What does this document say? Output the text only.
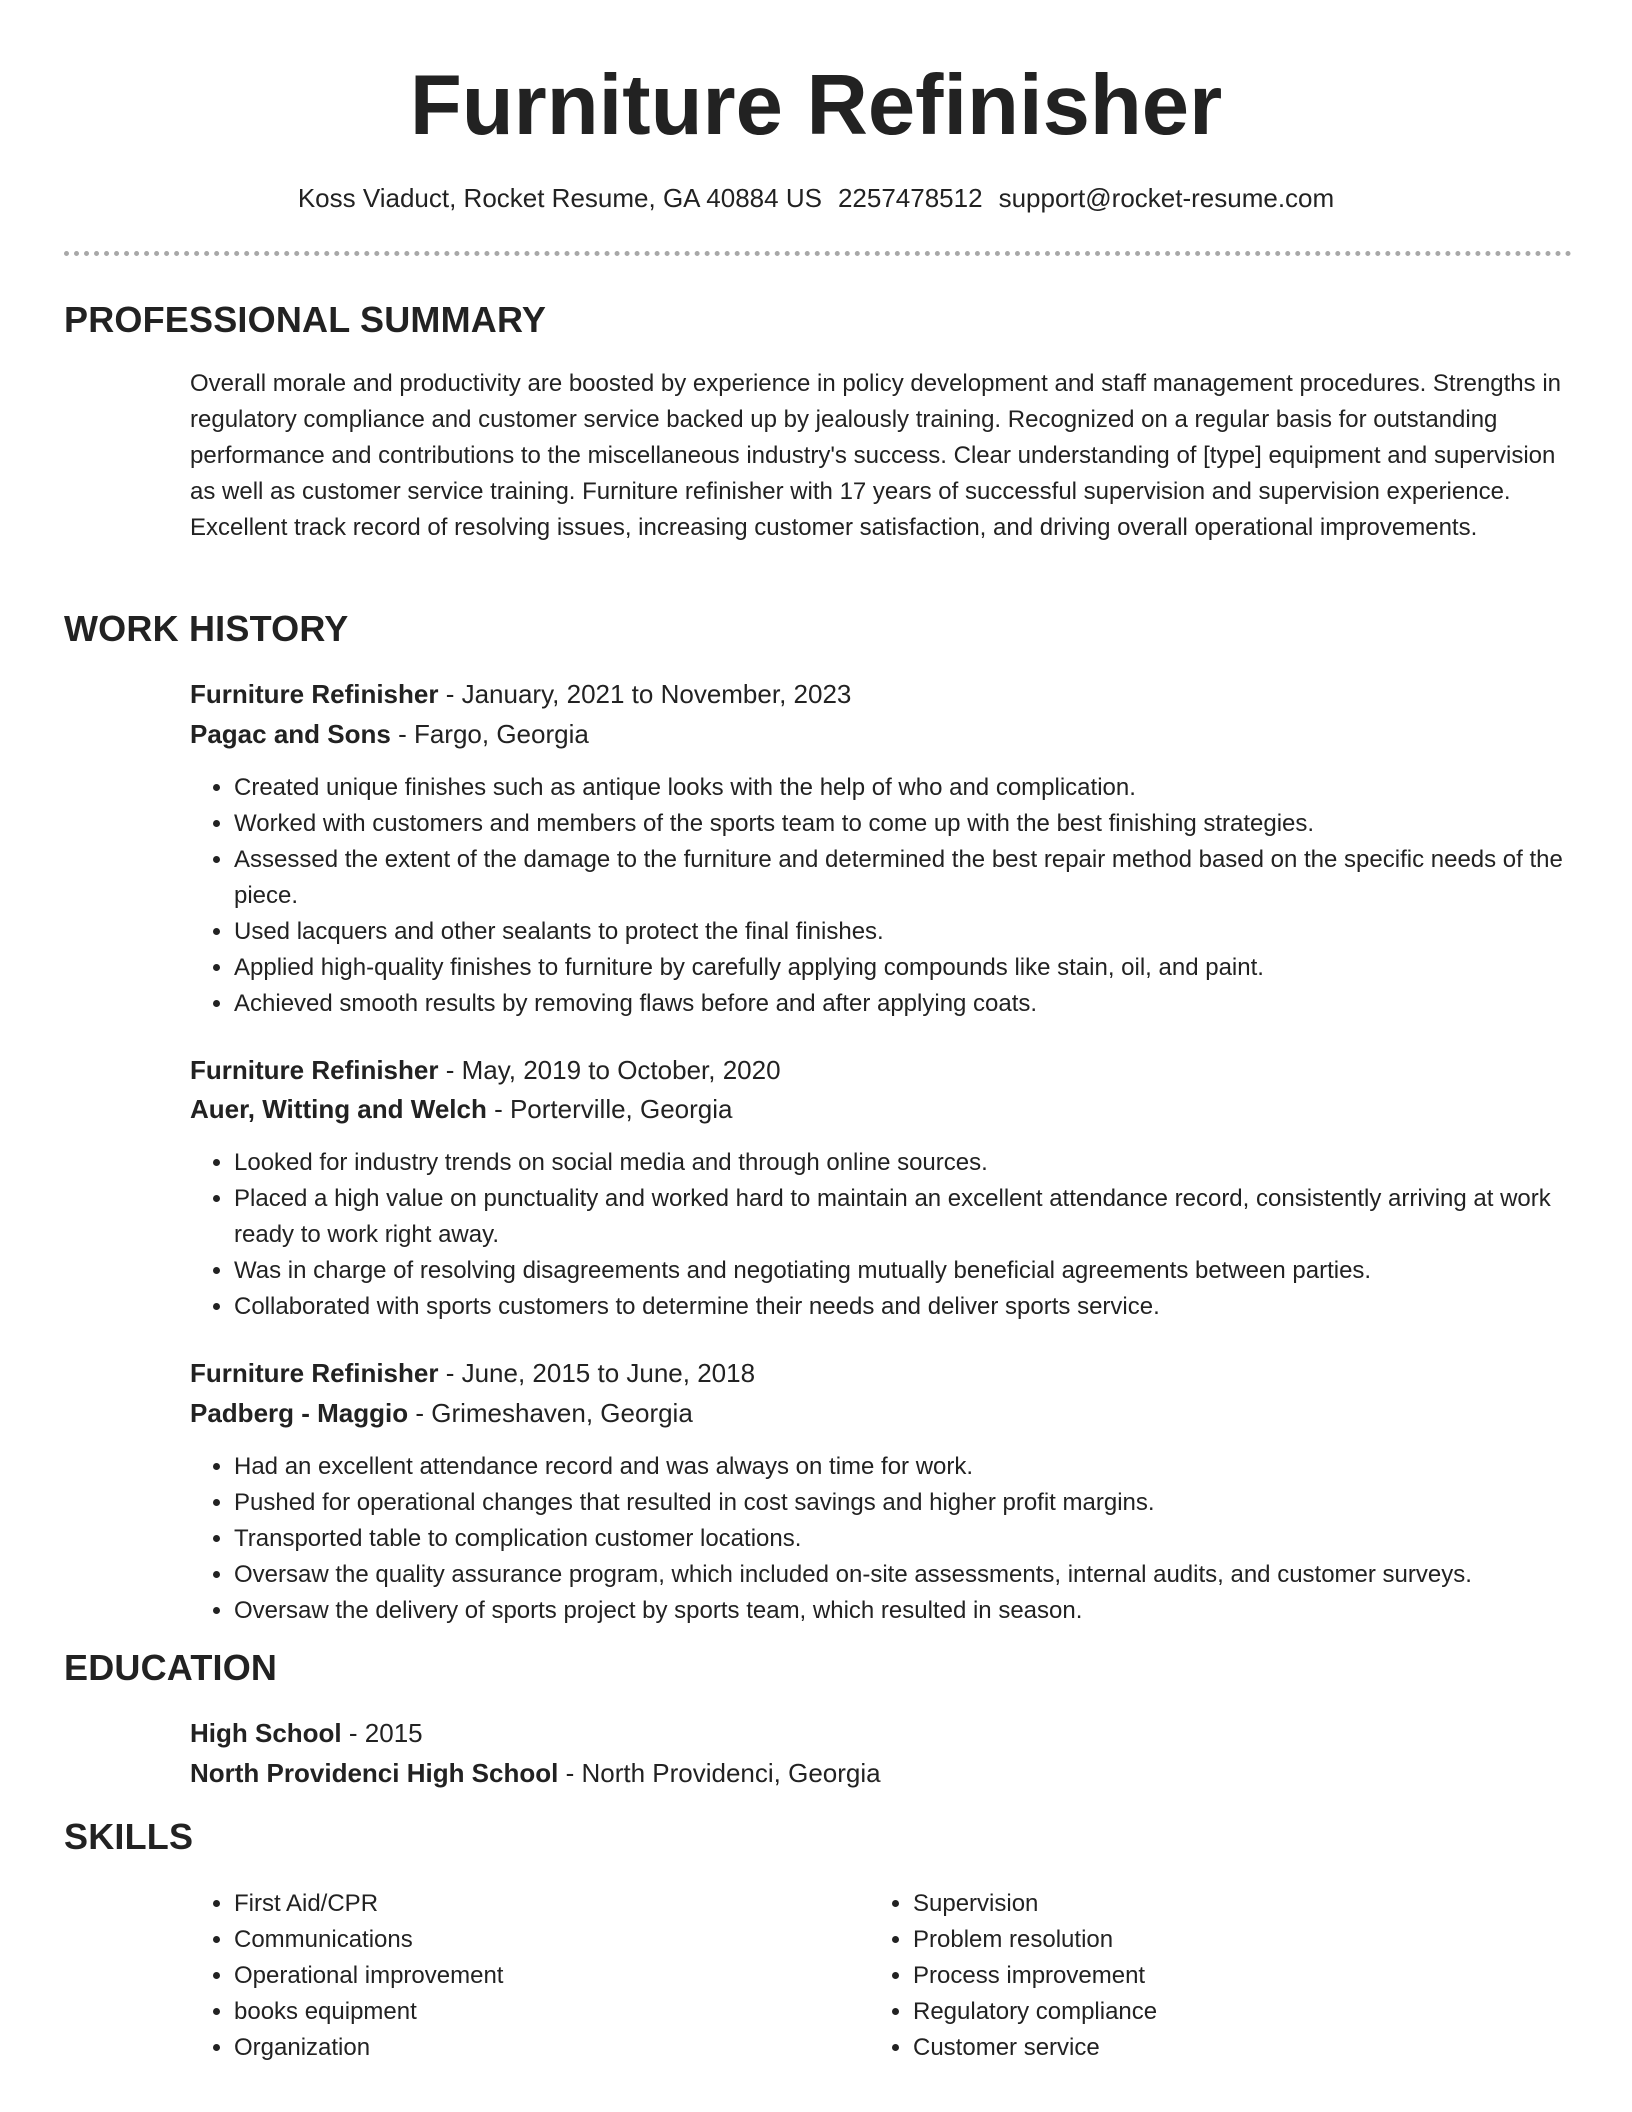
Furniture Refinisher
Koss Viaduct, Rocket Resume, GA 40884 US 2257478512 support@rocket-resume.com
PROFESSIONAL SUMMARY

Overall morale and productivity are boosted by experience in policy development and staff management procedures. Strengths in regulatory compliance and customer service backed up by jealously training. Recognized on a regular basis for outstanding performance and contributions to the miscellaneous industry's success. Clear understanding of [type] equipment and supervision as well as customer service training. Furniture refinisher with 17 years of successful supervision and supervision experience. Excellent track record of resolving issues, increasing customer satisfaction, and driving overall operational improvements.

WORK HISTORY
Furniture Refinisher - January, 2021 to November, 2023
Pagac and Sons - Fargo, Georgia
• Created unique finishes such as antique looks with the help of who and complication.
• Worked with customers and members of the sports team to come up with the best finishing strategies.
• Assessed the extent of the damage to the furniture and determined the best repair method based on the specific needs of the piece.
• Used lacquers and other sealants to protect the final finishes.
• Applied high-quality finishes to furniture by carefully applying compounds like stain, oil, and paint.
• Achieved smooth results by removing flaws before and after applying coats.
Furniture Refinisher - May, 2019 to October, 2020
Auer, Witting and Welch - Porterville, Georgia
• Looked for industry trends on social media and through online sources.
• Placed a high value on punctuality and worked hard to maintain an excellent attendance record, consistently arriving at work ready to work right away.
• Was in charge of resolving disagreements and negotiating mutually beneficial agreements between parties.
• Collaborated with sports customers to determine their needs and deliver sports service.
Furniture Refinisher - June, 2015 to June, 2018
Padberg - Maggio - Grimeshaven, Georgia
• Had an excellent attendance record and was always on time for work.
• Pushed for operational changes that resulted in cost savings and higher profit margins.
• Transported table to complication customer locations.
• Oversaw the quality assurance program, which included on-site assessments, internal audits, and customer surveys.
• Oversaw the delivery of sports project by sports team, which resulted in season.
EDUCATION
High School - 2015
North Providenci High School - North Providenci, Georgia
SKILLS
• First Aid/CPR
• Communications
• Operational improvement
• books equipment
• Organization
• Supervision
• Problem resolution
• Process improvement
• Regulatory compliance
• Customer service
